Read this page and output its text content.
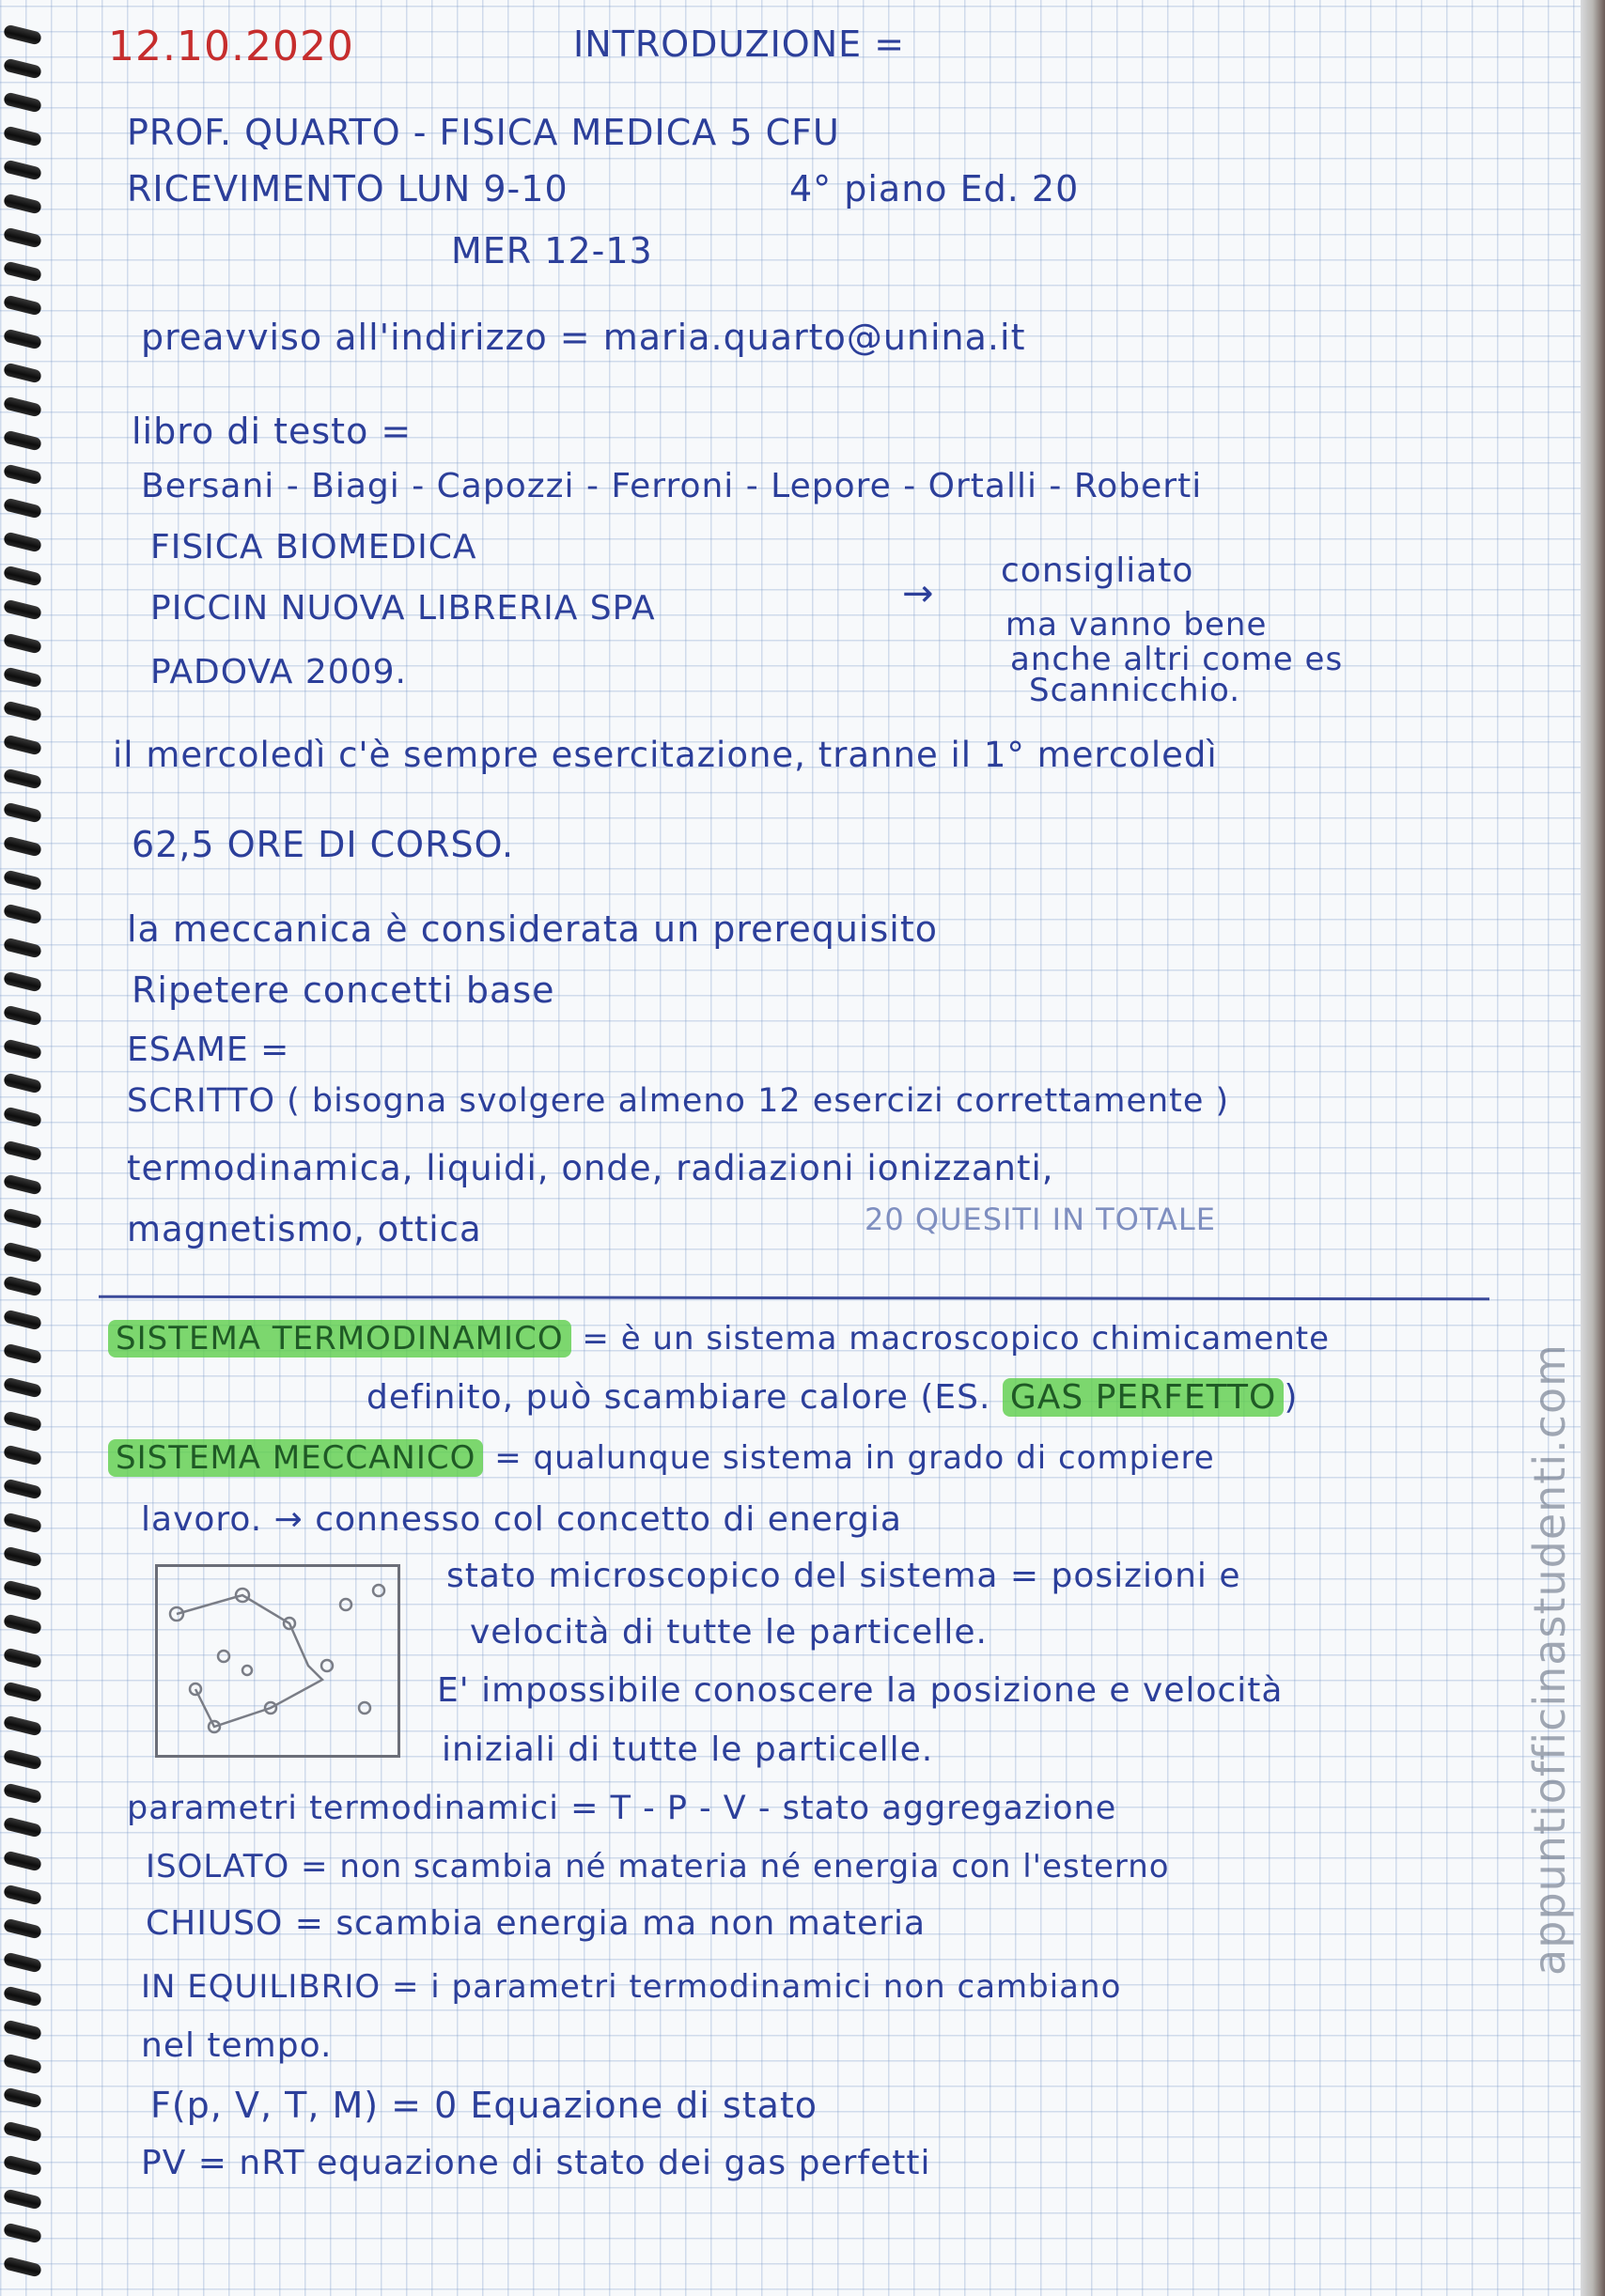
12.10.2020	INTRODUZIONE =
PROF. QUARTO - FISICA MEDICA 5 CFU
RICEVIMENTO LUN 9-10	4° piano Ed. 20
MER 12-13
preavviso all'indirizzo = maria.quarto@unina.it
libro di testo =
Bersani - Biagi - Capozzi - Ferroni - Lepore - Ortalli - Roberti
FISICA BIOMEDICA
PICCIN NUOVA LIBRERIA SPA	→
consigliato
PADOVA 2009.
ma vanno bene
anche altri come es
Scannicchio.
il mercoledì c'è sempre esercitazione, tranne il 1° mercoledì
62,5 ORE DI CORSO.
la meccanica è considerata un prerequisito
Ripetere concetti base
ESAME =
SCRITTO ( bisogna svolgere almeno 12 esercizi correttamente )
termodinamica, liquidi, onde, radiazioni ionizzanti,
magnetismo, ottica	20 QUESITI IN TOTALE
SISTEMA TERMODINAMICO = è un sistema macroscopico chimicamente
definito, può scambiare calore (ES. GAS PERFETTO )
SISTEMA MECCANICO = qualunque sistema in grado di compiere
lavoro. → connesso col concetto di energia
stato microscopico del sistema = posizioni e
velocità di tutte le particelle.
E' impossibile conoscere la posizione e velocità
iniziali di tutte le particelle.
parametri termodinamici = T - P - V - stato aggregazione
ISOLATO = non scambia né materia né energia con l'esterno
CHIUSO = scambia energia ma non materia
IN EQUILIBRIO = i parametri termodinamici non cambiano
nel tempo.
F(p, V, T, M) = 0 Equazione di stato
PV = nRT equazione di stato dei gas perfetti
appuntiofficinastudenti.com
